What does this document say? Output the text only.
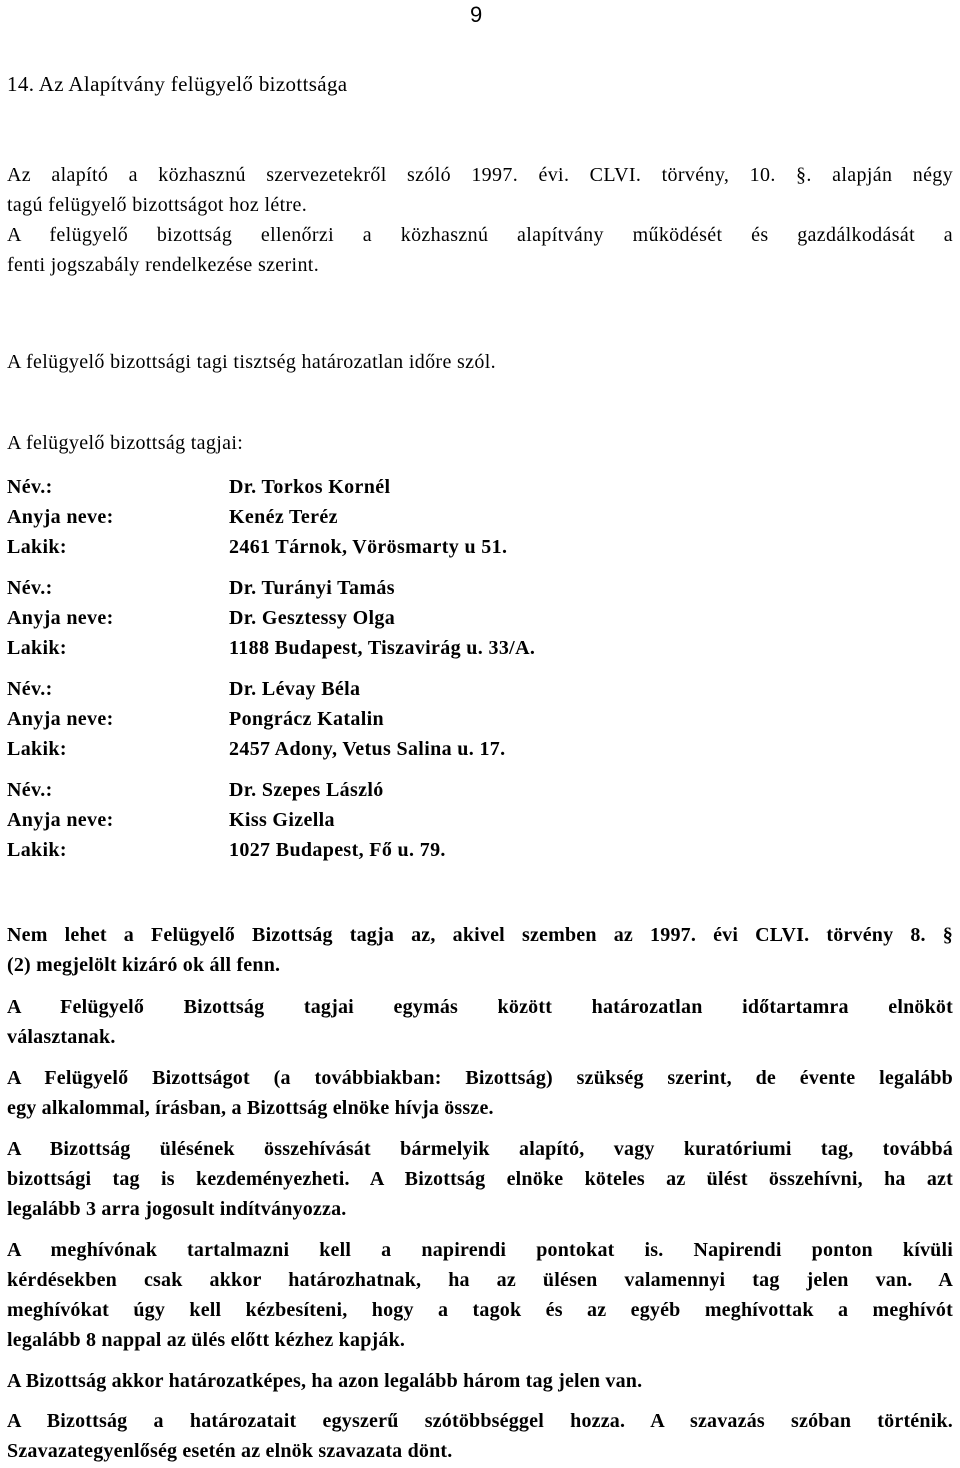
9
14. Az Alapítvány felügyelő bizottsága
Az alapító a közhasznú szervezetekről szóló 1997. évi. CLVI. törvény, 10. §. alapján négy
tagú felügyelő bizottságot hoz létre.
A felügyelő bizottság ellenőrzi a közhasznú alapítvány működését és gazdálkodását a
fenti jogszabály rendelkezése szerint.
A felügyelő bizottsági tagi tisztség határozatlan időre szól.
A felügyelő bizottság tagjai:
Név.:	Dr. Torkos Kornél
Anyja neve:	Kenéz Teréz
Lakik:	2461 Tárnok, Vörösmarty u 51.
Név.:	Dr. Turányi Tamás
Anyja neve:	Dr. Gesztessy Olga
Lakik:	1188 Budapest, Tiszavirág u. 33/A.
Név.:	Dr. Lévay Béla
Anyja neve:	Pongrácz Katalin
Lakik:	2457 Adony, Vetus Salina u. 17.
Név.:	Dr. Szepes László
Anyja neve:	Kiss Gizella
Lakik:	1027 Budapest, Fő u. 79.
Nem lehet a Felügyelő Bizottság tagja az, akivel szemben az 1997. évi CLVI. törvény 8. §
(2) megjelölt kizáró ok áll fenn.
A Felügyelő Bizottság tagjai egymás között határozatlan időtartamra elnököt
választanak.
A Felügyelő Bizottságot (a továbbiakban: Bizottság) szükség szerint, de évente legalább
egy alkalommal, írásban, a Bizottság elnöke hívja össze.
A Bizottság ülésének összehívását bármelyik alapító, vagy kuratóriumi tag, továbbá
bizottsági tag is kezdeményezheti. A Bizottság elnöke köteles az ülést összehívni, ha azt
legalább 3 arra jogosult indítványozza.
A meghívónak tartalmazni kell a napirendi pontokat is. Napirendi ponton kívüli
kérdésekben csak akkor határozhatnak, ha az ülésen valamennyi tag jelen van. A
meghívókat úgy kell kézbesíteni, hogy a tagok és az egyéb meghívottak a meghívót
legalább 8 nappal az ülés előtt kézhez kapják.
A Bizottság akkor határozatképes, ha azon legalább három tag jelen van.
A Bizottság a határozatait egyszerű szótöbbséggel hozza. A szavazás szóban történik.
Szavazategyenlőség esetén az elnök szavazata dönt.
